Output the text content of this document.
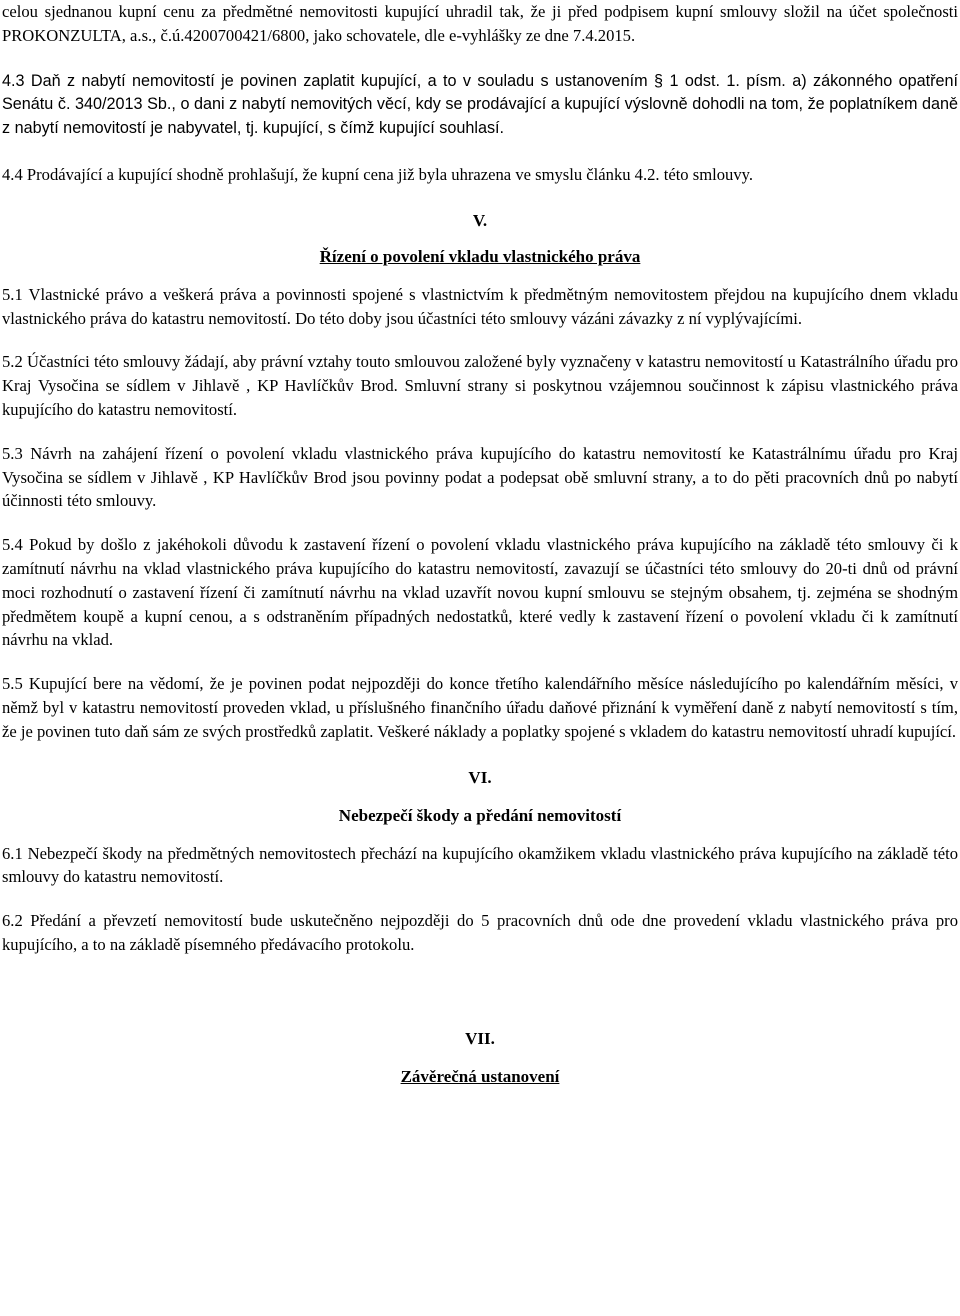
celou sjednanou kupní cenu za předmětné nemovitosti kupující uhradil tak, že ji před podpisem kupní smlouvy složil na účet společnosti PROKONZULTA, a.s., č.ú.4200700421/6800, jako schovatele, dle e-vyhlášky ze dne 7.4.2015.

4.3 Daň z nabytí nemovitostí je povinen zaplatit kupující, a to v souladu s ustanovením § 1 odst. 1. písm. a) zákonného opatření Senátu č. 340/2013 Sb., o dani z nabytí nemovitých věcí, kdy se prodávající a kupující výslovně dohodli na tom, že poplatníkem daně z nabytí nemovitostí je nabyvatel, tj. kupující, s čímž kupující souhlasí.

4.4 Prodávající a kupující shodně prohlašují, že kupní cena již byla uhrazena ve smyslu článku 4.2. této smlouvy.

V.

Řízení o povolení vkladu vlastnického práva

5.1 Vlastnické právo a veškerá práva a povinnosti spojené s vlastnictvím k předmětným nemovitostem přejdou na kupujícího dnem vkladu vlastnického práva do katastru nemovitostí. Do této doby jsou účastníci této smlouvy vázáni závazky z ní vyplývajícími.

5.2 Účastníci této smlouvy žádají, aby právní vztahy touto smlouvou založené byly vyznačeny v katastru nemovitostí u Katastrálního úřadu pro Kraj Vysočina se sídlem v Jihlavě , KP Havlíčkův Brod. Smluvní strany si poskytnou vzájemnou součinnost k zápisu vlastnického práva kupujícího do katastru nemovitostí.

5.3 Návrh na zahájení řízení o povolení vkladu vlastnického práva kupujícího do katastru nemovitostí ke Katastrálnímu úřadu pro Kraj Vysočina se sídlem v Jihlavě , KP Havlíčkův Brod jsou povinny podat a podepsat obě smluvní strany, a to do pěti pracovních dnů po nabytí účinnosti této smlouvy.

5.4 Pokud by došlo z jakéhokoli důvodu k zastavení řízení o povolení vkladu vlastnického práva kupujícího na základě této smlouvy či k zamítnutí návrhu na vklad vlastnického práva kupujícího do katastru nemovitostí, zavazují se účastníci této smlouvy do 20-ti dnů od právní moci rozhodnutí o zastavení řízení či zamítnutí návrhu na vklad uzavřít novou kupní smlouvu se stejným obsahem, tj. zejména se shodným předmětem koupě a kupní cenou, a s odstraněním případných nedostatků, které vedly k zastavení řízení o povolení vkladu či k zamítnutí návrhu na vklad.

5.5 Kupující bere na vědomí, že je povinen podat nejpozději do konce třetího kalendářního měsíce následujícího po kalendářním měsíci, v němž byl v katastru nemovitostí proveden vklad, u příslušného finančního úřadu daňové přiznání k vyměření daně z nabytí nemovitostí s tím, že je povinen tuto daň sám ze svých prostředků zaplatit. Veškeré náklady a poplatky spojené s vkladem do katastru nemovitostí uhradí kupující.

VI.

Nebezpečí škody a předání nemovitostí

6.1 Nebezpečí škody na předmětných nemovitostech přechází na kupujícího okamžikem vkladu vlastnického práva kupujícího na základě této smlouvy do katastru nemovitostí.

6.2 Předání a převzetí nemovitostí bude uskutečněno nejpozději do 5 pracovních dnů ode dne provedení vkladu vlastnického práva pro kupujícího, a to na základě písemného předávacího protokolu.

VII.

Závěrečná ustanovení
